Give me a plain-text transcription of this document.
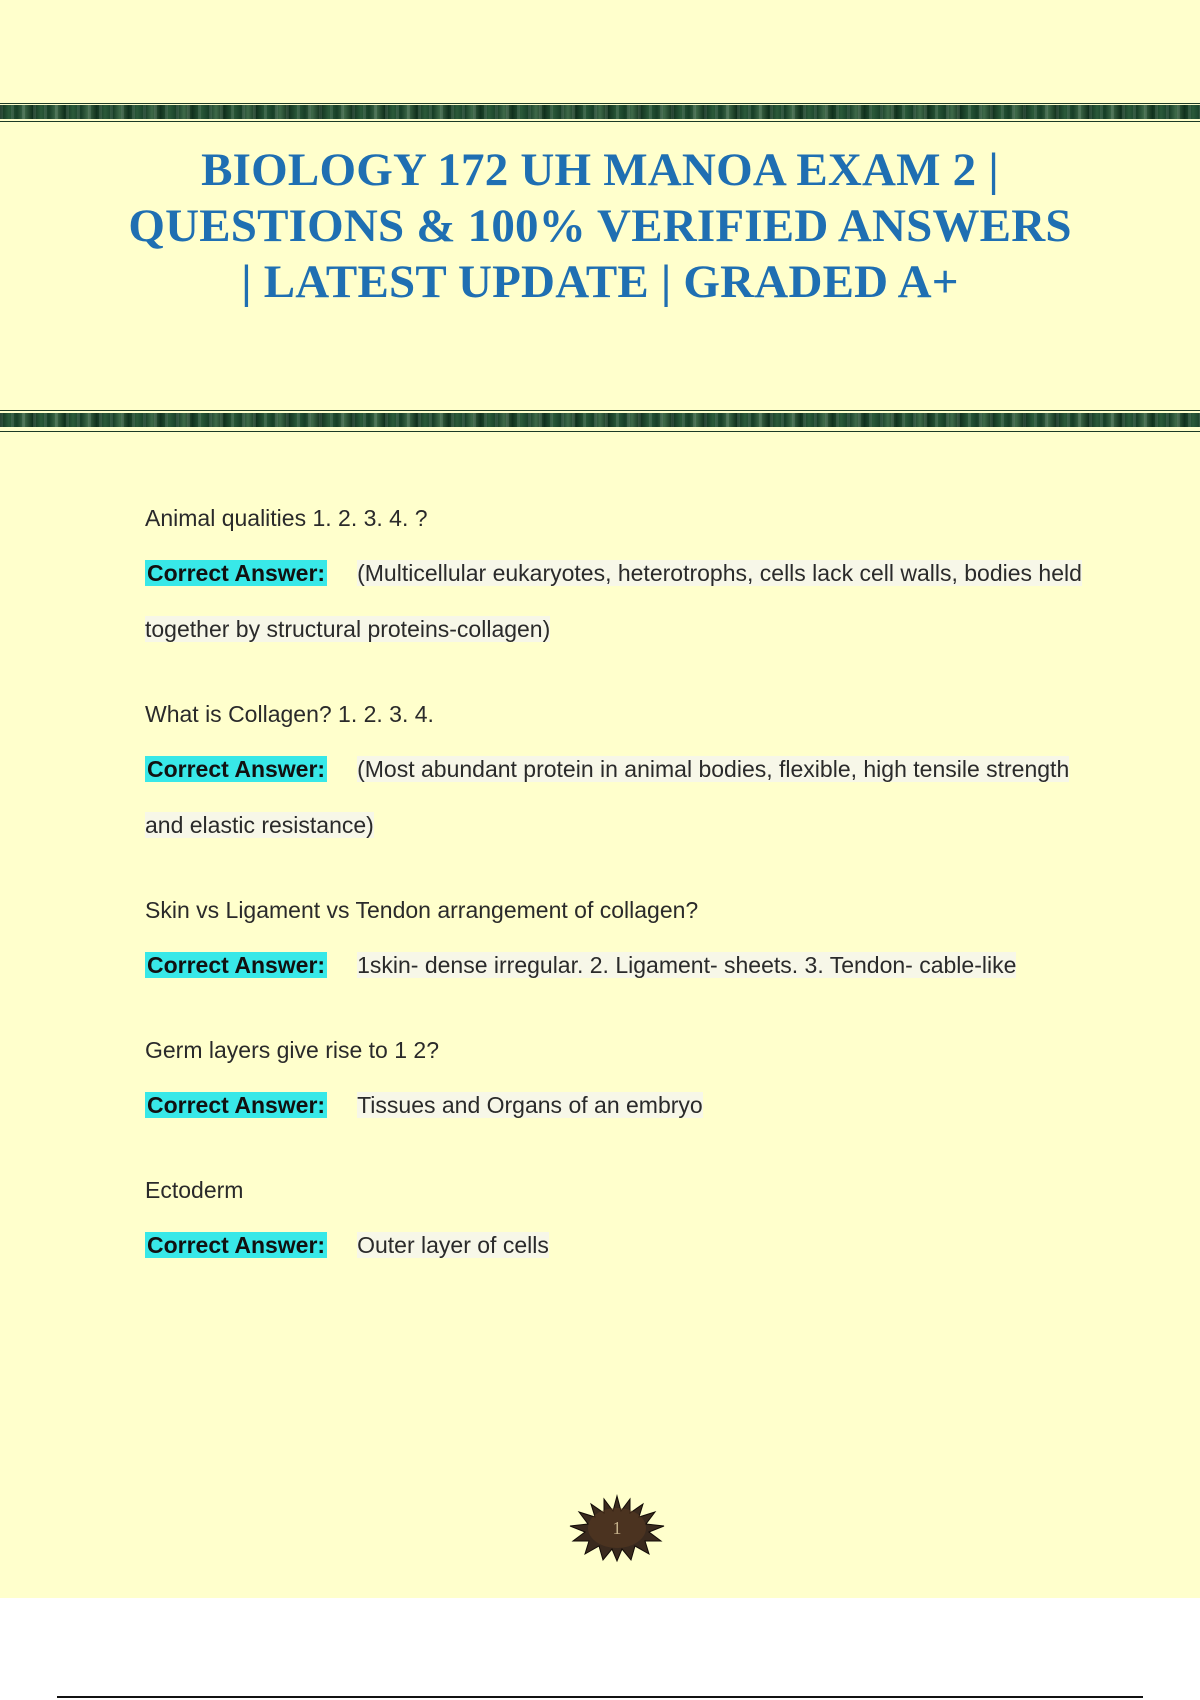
BIOLOGY 172 UH MANOA EXAM 2 | QUESTIONS & 100% VERIFIED ANSWERS | LATEST UPDATE | GRADED A+
Animal qualities 1. 2. 3. 4. ?
Correct Answer: (Multicellular eukaryotes, heterotrophs, cells lack cell walls, bodies held together by structural proteins-collagen)
What is Collagen? 1. 2. 3. 4.
Correct Answer: (Most abundant protein in animal bodies, flexible, high tensile strength and elastic resistance)
Skin vs Ligament vs Tendon arrangement of collagen?
Correct Answer: 1skin- dense irregular. 2. Ligament- sheets. 3. Tendon- cable-like
Germ layers give rise to 1 2?
Correct Answer: Tissues and Organs of an embryo
Ectoderm
Correct Answer: Outer layer of cells
1
